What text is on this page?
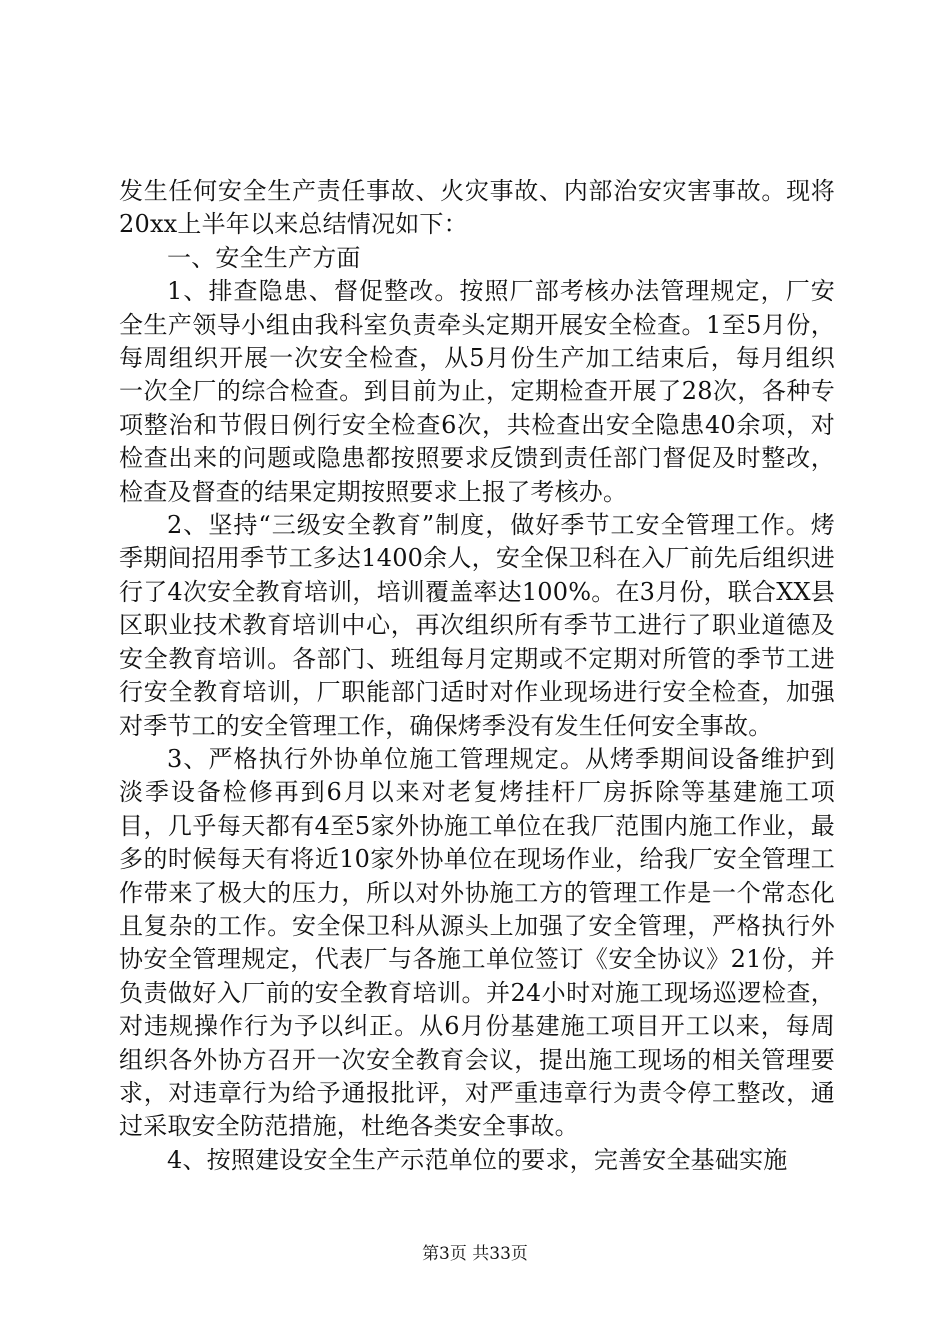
发生任何安全生产责任事故、火灾事故、内部治安灾害事故。现将20xx上半年以来总结情况如下：

一、安全生产方面

1、排查隐患、督促整改。按照厂部考核办法管理规定，厂安全生产领导小组由我科室负责牵头定期开展安全检查。1至5月份，每周组织开展一次安全检查，从5月份生产加工结束后，每月组织一次全厂的综合检查。到目前为止，定期检查开展了28次，各种专项整治和节假日例行安全检查6次，共检查出安全隐患40余项，对检查出来的问题或隐患都按照要求反馈到责任部门督促及时整改，检查及督查的结果定期按照要求上报了考核办。

2、坚持“三级安全教育”制度，做好季节工安全管理工作。烤季期间招用季节工多达1400余人，安全保卫科在入厂前先后组织进行了4次安全教育培训，培训覆盖率达100%。在3月份，联合XX县区职业技术教育培训中心，再次组织所有季节工进行了职业道德及安全教育培训。各部门、班组每月定期或不定期对所管的季节工进行安全教育培训，厂职能部门适时对作业现场进行安全检查，加强对季节工的安全管理工作，确保烤季没有发生任何安全事故。

3、严格执行外协单位施工管理规定。从烤季期间设备维护到淡季设备检修再到6月以来对老复烤挂杆厂房拆除等基建施工项目，几乎每天都有4至5家外协施工单位在我厂范围内施工作业，最多的时候每天有将近10家外协单位在现场作业，给我厂安全管理工作带来了极大的压力，所以对外协施工方的管理工作是一个常态化且复杂的工作。安全保卫科从源头上加强了安全管理，严格执行外协安全管理规定，代表厂与各施工单位签订《安全协议》21份，并负责做好入厂前的安全教育培训。并24小时对施工现场巡逻检查，对违规操作行为予以纠正。从6月份基建施工项目开工以来，每周组织各外协方召开一次安全教育会议，提出施工现场的相关管理要求，对违章行为给予通报批评，对严重违章行为责令停工整改，通过采取安全防范措施，杜绝各类安全事故。

4、按照建设安全生产示范单位的要求，完善安全基础实施

第3页 共33页
